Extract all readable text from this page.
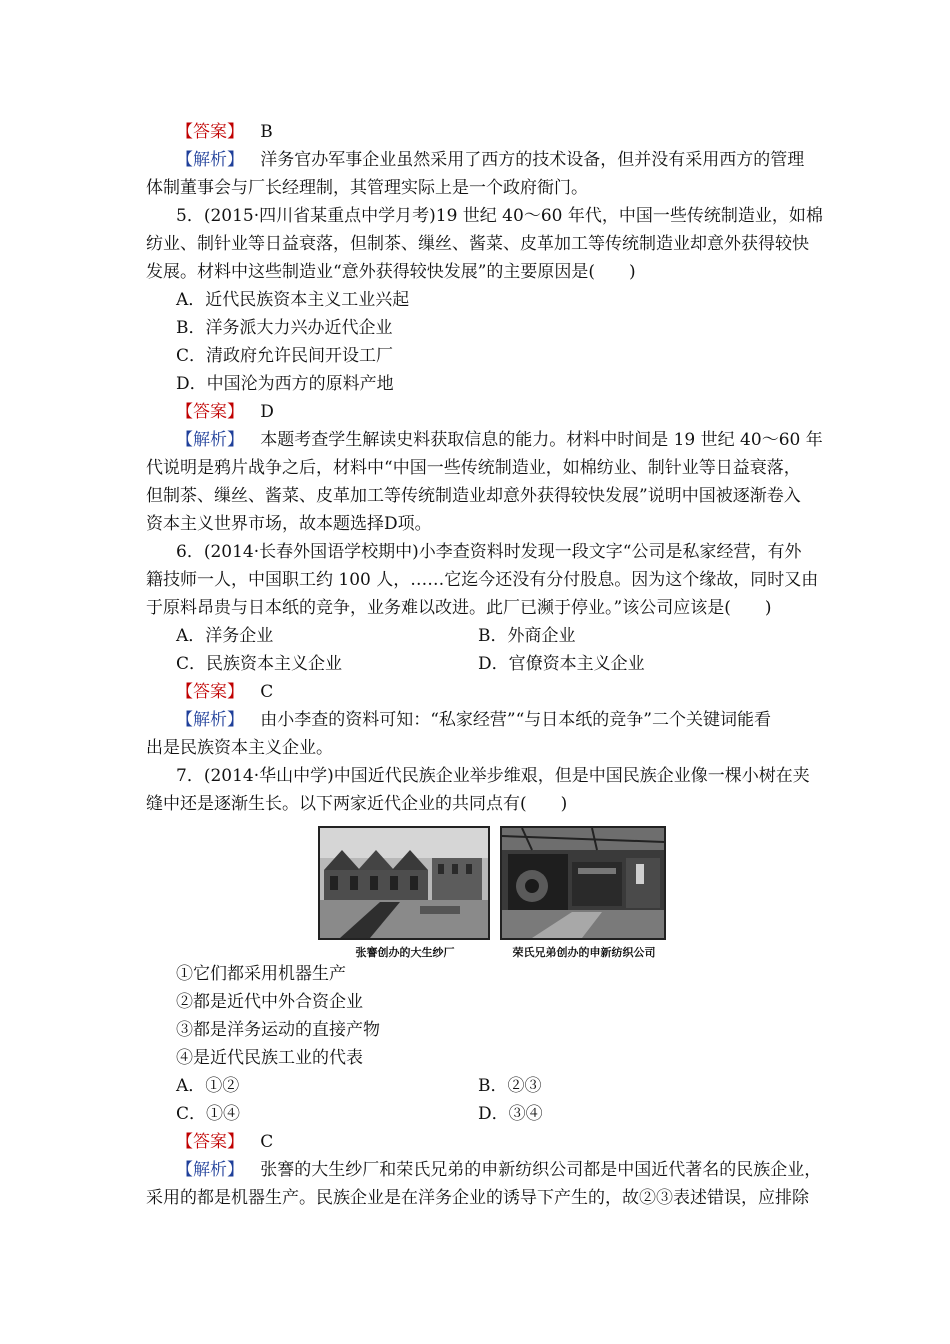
【答案】 B
【解析】 洋务官办军事企业虽然采用了西方的技术设备，但并没有采用西方的管理
体制董事会与厂长经理制，其管理实际上是一个政府衙门。
5．(2015·四川省某重点中学月考)19 世纪 40～60 年代，中国一些传统制造业，如棉
纺业、制针业等日益衰落，但制茶、缫丝、酱菜、皮革加工等传统制造业却意外获得较快
发展。材料中这些制造业“意外获得较快发展”的主要原因是(　　)
A．近代民族资本主义工业兴起
B．洋务派大力兴办近代企业
C．清政府允许民间开设工厂
D．中国沦为西方的原料产地
【答案】 D
【解析】 本题考查学生解读史料获取信息的能力。材料中时间是 19 世纪 40～60 年
代说明是鸦片战争之后，材料中“中国一些传统制造业，如棉纺业、制针业等日益衰落，
但制茶、缫丝、酱菜、皮革加工等传统制造业却意外获得较快发展”说明中国被逐渐卷入
资本主义世界市场，故本题选择D项。
6．(2014·长春外国语学校期中)小李查资料时发现一段文字“公司是私家经营，有外
籍技师一人，中国职工约 100 人，……它迄今还没有分付股息。因为这个缘故，同时又由
于原料昂贵与日本纸的竞争，业务难以改进。此厂已濒于停业。”该公司应该是(　　)
A．洋务企业	B．外商企业
C．民族资本主义企业	D．官僚资本主义企业
【答案】 C
【解析】 由小李查的资料可知：“私家经营”“与日本纸的竞争”二个关键词能看
出是民族资本主义企业。
7．(2014·华山中学)中国近代民族企业举步维艰，但是中国民族企业像一棵小树在夹
缝中还是逐渐生长。以下两家近代企业的共同点有(　　)
张謇创办的大生纱厂	荣氏兄弟创办的申新纺织公司
①它们都采用机器生产
②都是近代中外合资企业
③都是洋务运动的直接产物
④是近代民族工业的代表
A．①②	B．②③
C．①④	D．③④
【答案】 C
【解析】 张謇的大生纱厂和荣氏兄弟的申新纺织公司都是中国近代著名的民族企业，
采用的都是机器生产。民族企业是在洋务企业的诱导下产生的，故②③表述错误，应排除
